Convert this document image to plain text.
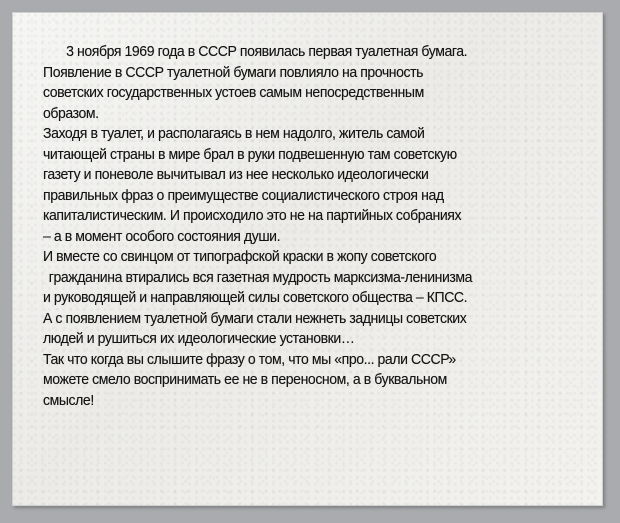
3 ноября 1969 года в СССР появилась первая туалетная бумага.
Появление в СССР туалетной бумаги повлияло на прочность
советских государственных устоев самым непосредственным
образом.
Заходя в туалет, и располагаясь в нем надолго, житель самой
читающей страны в мире брал в руки подвешенную там советскую
газету и поневоле вычитывал из нее несколько идеологически
правильных фраз о преимуществе социалистического строя над
капиталистическим. И происходило это не на партийных собраниях
– а в момент особого состояния души.
И вместе со свинцом от типографской краски в жопу советского
гражданина втирались вся газетная мудрость марксизма-ленинизма
и руководящей и направляющей силы советского общества – КПСС.
А с появлением туалетной бумаги стали нежнеть задницы советских
людей и рушиться их идеологические установки…
Так что когда вы слышите фразу о том, что мы «про... рали СССР»
можете смело воспринимать ее не в переносном, а в буквальном
смысле!
